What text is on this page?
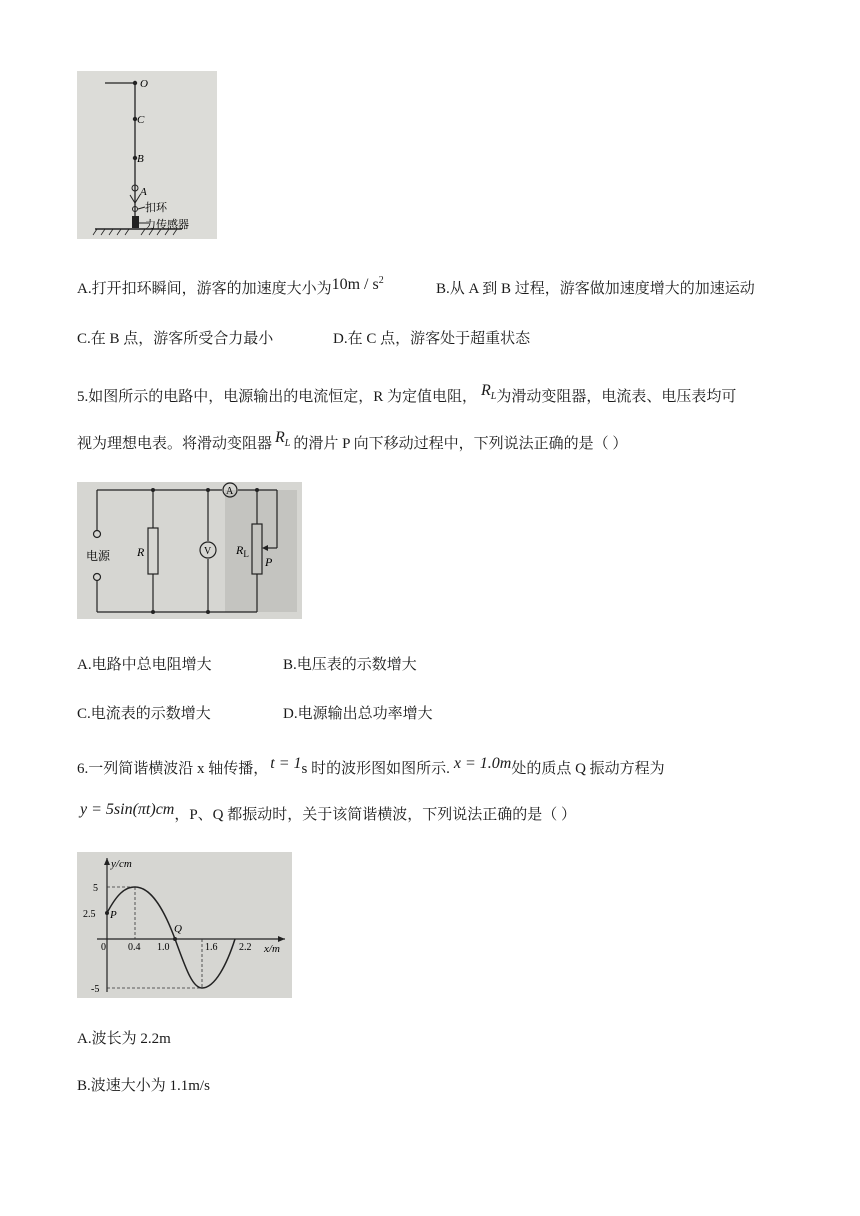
O
C
B
A
扣环
力传感器
A.打开扣环瞬间，游客的加速度大小为$10m / s^2$
B.从 A 到 B 过程，游客做加速度增大的加速运动
C.在 B 点，游客所受合力最小	D.在 C 点，游客处于超重状态
5.如图所示的电路中，电源输出的电流恒定，R 为定值电阻， $R_L$为滑动变阻器，电流表、电压表均可
视为理想电表。将滑动变阻器 $R_L$ 的滑片 P 向下移动过程中，下列说法正确的是（ ）
V
A
电源 R	$R_L$
P
A.电路中总电阻增大	B.电压表的示数增大
C.电流表的示数增大	D.电源输出总功率增大
6.一列简谐横波沿 x 轴传播， t = 1s 时的波形图如图所示. x = 1.0m处的质点 Q 振动方程为
y = 5sin(πt)cm，P、Q 都振动时，关于该简谐横波，下列说法正确的是（ ）
y/cm
x/m
P
Q
5
2.5
-5
0 0.4 1.0	1.6 2.2
A.波长为 2.2m
B.波速大小为 1.1m/s
